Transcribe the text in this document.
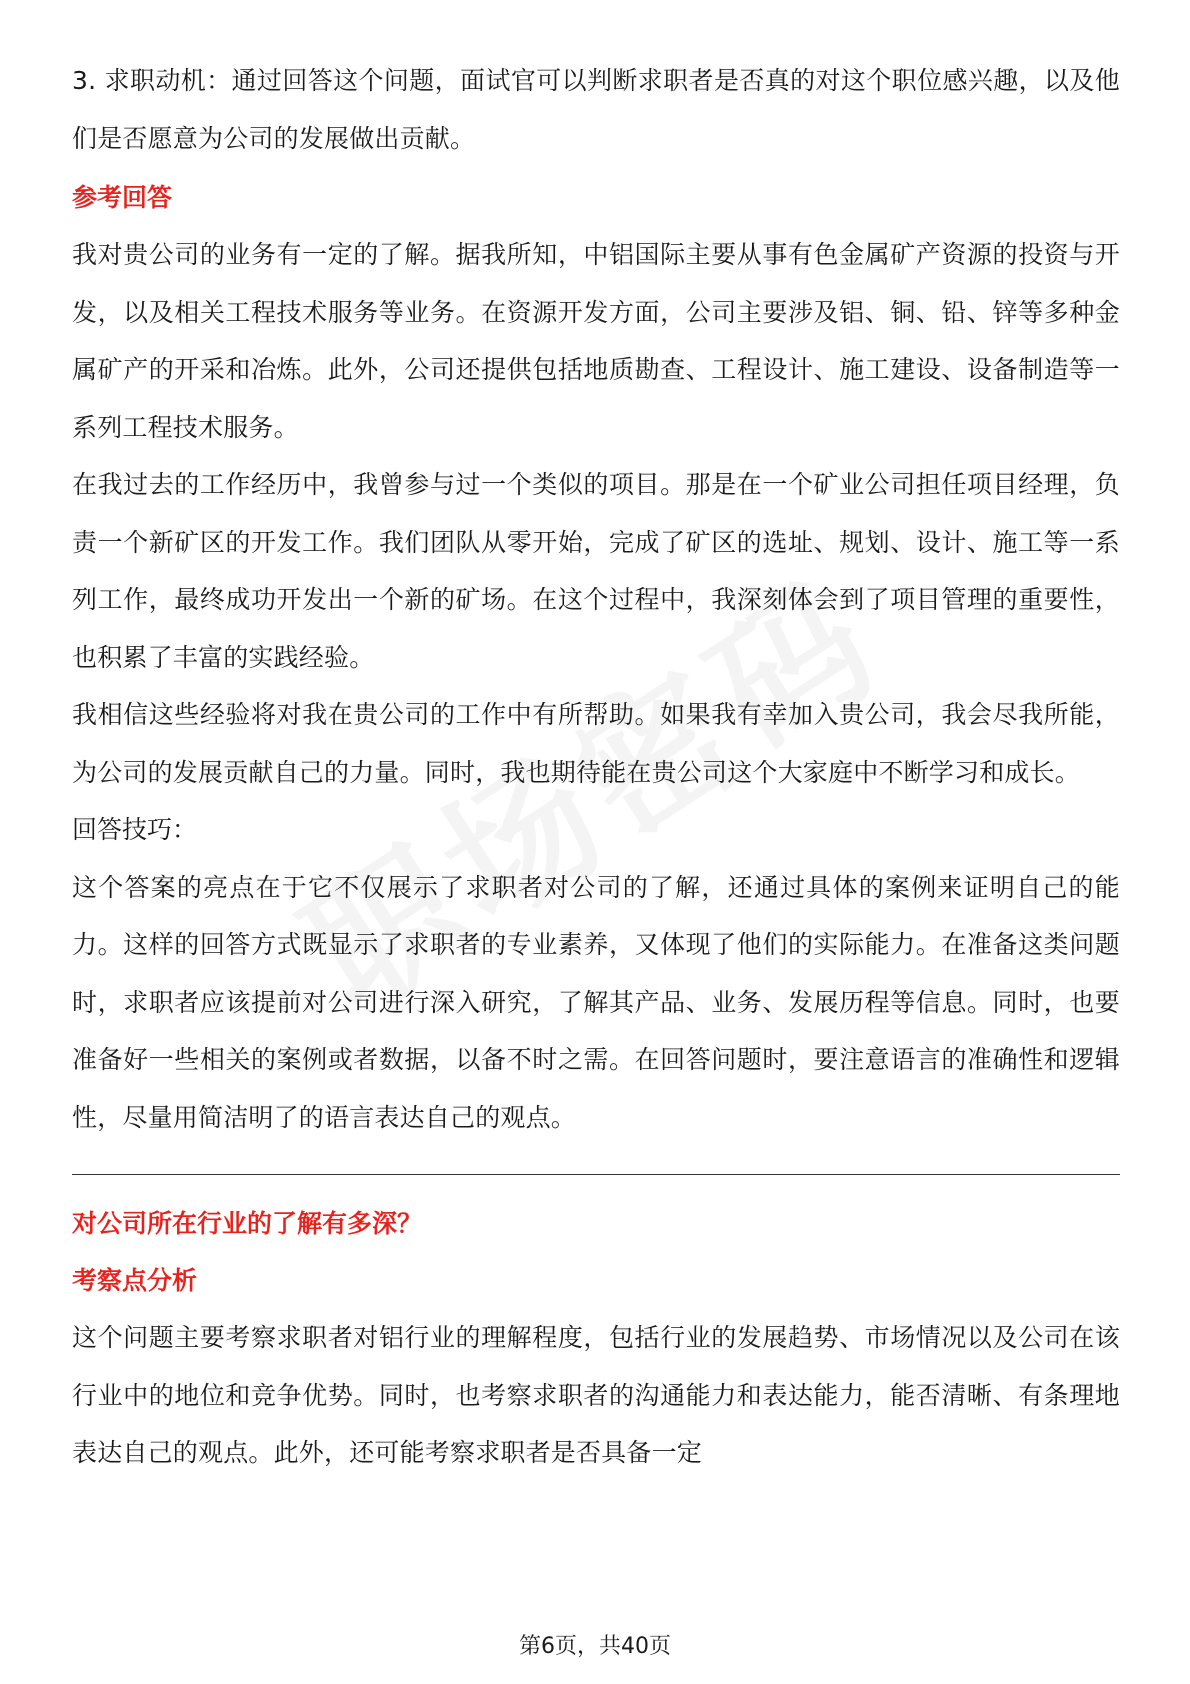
3. 求职动机：通过回答这个问题，面试官可以判断求职者是否真的对这个职位感兴趣，以及他们是否愿意为公司的发展做出贡献。

参考回答

我对贵公司的业务有一定的了解。据我所知，中铝国际主要从事有色金属矿产资源的投资与开发，以及相关工程技术服务等业务。在资源开发方面，公司主要涉及铝、铜、铅、锌等多种金属矿产的开采和冶炼。此外，公司还提供包括地质勘查、工程设计、施工建设、设备制造等一系列工程技术服务。

在我过去的工作经历中，我曾参与过一个类似的项目。那是在一个矿业公司担任项目经理，负责一个新矿区的开发工作。我们团队从零开始，完成了矿区的选址、规划、设计、施工等一系列工作，最终成功开发出一个新的矿场。在这个过程中，我深刻体会到了项目管理的重要性，也积累了丰富的实践经验。

我相信这些经验将对我在贵公司的工作中有所帮助。如果我有幸加入贵公司，我会尽我所能，为公司的发展贡献自己的力量。同时，我也期待能在贵公司这个大家庭中不断学习和成长。

回答技巧：

这个答案的亮点在于它不仅展示了求职者对公司的了解，还通过具体的案例来证明自己的能力。这样的回答方式既显示了求职者的专业素养，又体现了他们的实际能力。在准备这类问题时，求职者应该提前对公司进行深入研究，了解其产品、业务、发展历程等信息。同时，也要准备好一些相关的案例或者数据，以备不时之需。在回答问题时，要注意语言的准确性和逻辑性，尽量用简洁明了的语言表达自己的观点。

对公司所在行业的了解有多深？

考察点分析

这个问题主要考察求职者对铝行业的理解程度，包括行业的发展趋势、市场情况以及公司在该行业中的地位和竞争优势。同时，也考察求职者的沟通能力和表达能力，能否清晰、有条理地表达自己的观点。此外，还可能考察求职者是否具备一定

第6页，共40页
